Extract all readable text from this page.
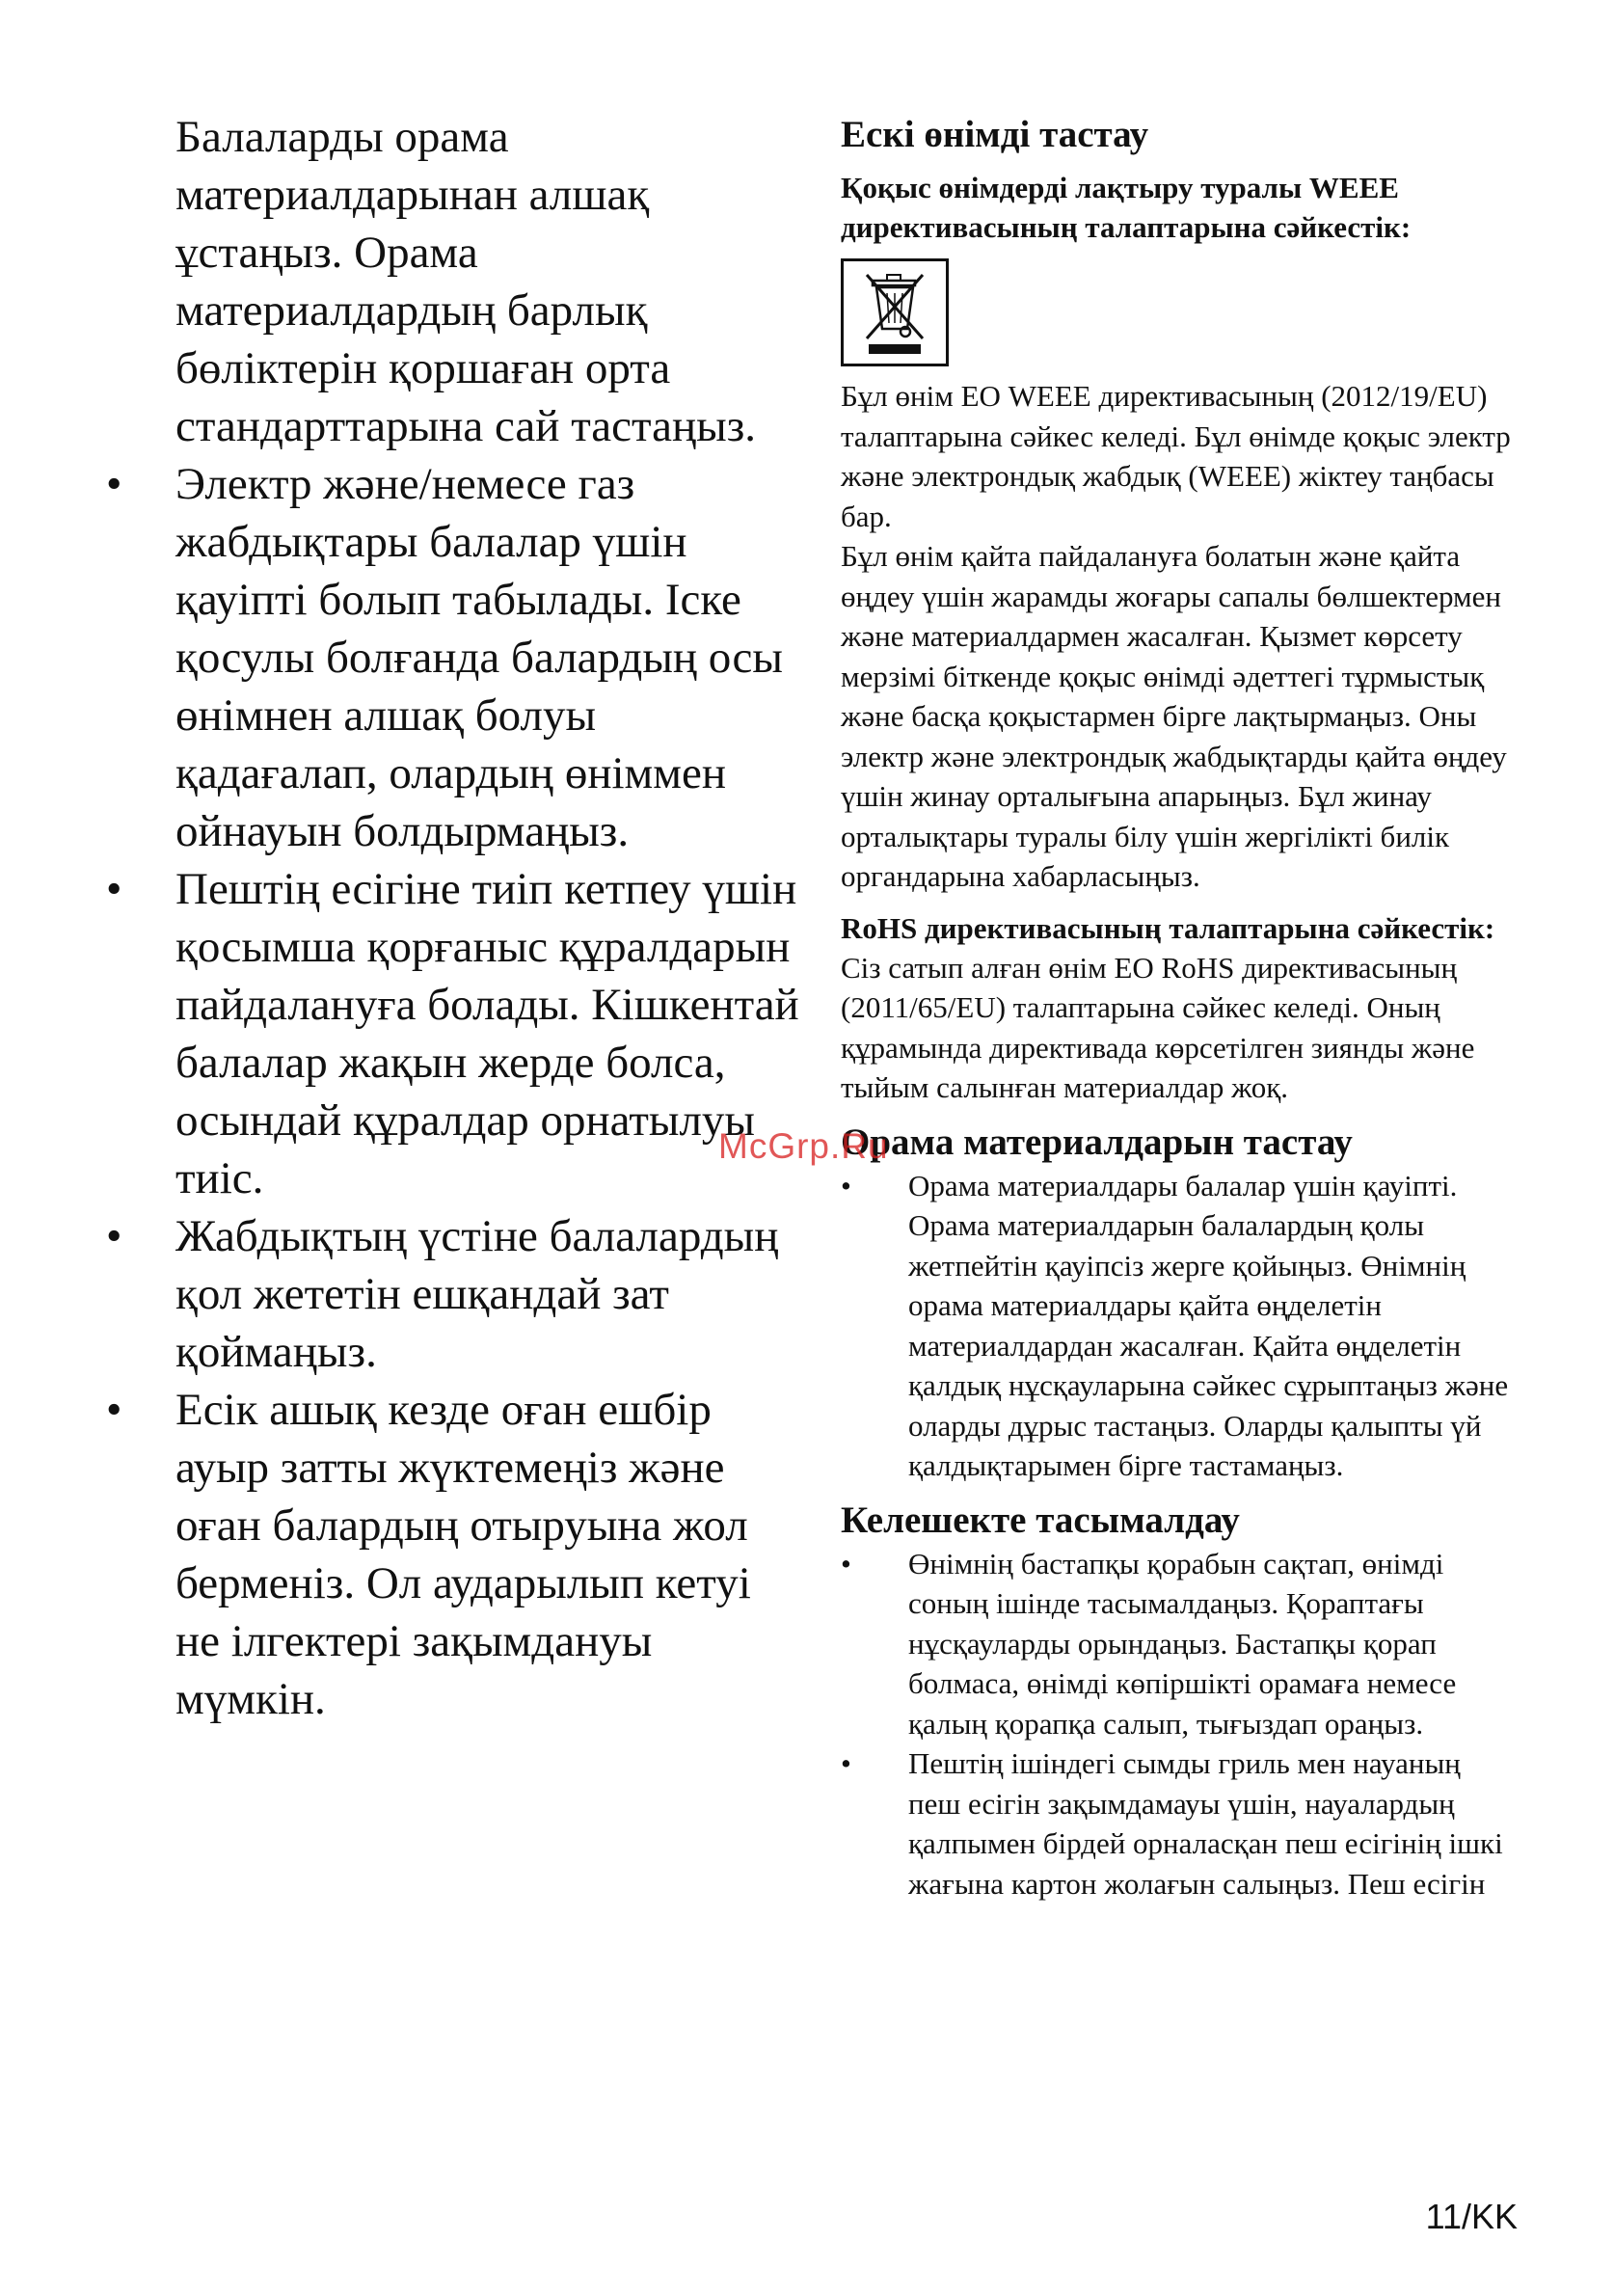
Балаларды орама материалдарынан алшақ ұстаңыз. Орама материалдардың барлық бөліктерін қоршаған орта стандарттарына сай тастаңыз.

•	Электр және/немесе газ жабдықтары балалар үшін қауіпті болып табылады. Іске қосулы болғанда балардың осы өнімнен алшақ болуы қадағалап, олардың өніммен ойнауын болдырмаңыз.
•	Пештің есігіне тиіп кетпеу үшін қосымша қорғаныс құралдарын пайдалануға болады. Кішкентай балалар жақын жерде болса, осындай құралдар орнатылуы тиіс.
•	Жабдықтың үстіне балалардың қол жететін ешқандай зат қоймаңыз.
•	Есік ашық кезде оған ешбір ауыр затты жүктемеңіз және оған балардың отыруына жол берменіз. Ол аударылып кетуі не ілгектері зақымдануы мүмкін.
Ескі өнімді тастау
Қоқыс өнімдерді лақтыру туралы WEEE директивасының талаптарына сәйкестік:

Бұл өнім ЕО WEEE директивасының (2012/19/EU) талаптарына сәйкес келеді. Бұл өнімде қоқыс электр және электрондық жабдық (WEEE) жіктеу таңбасы бар.

Бұл өнім қайта пайдалануға болатын және қайта өңдеу үшін жарамды жоғары сапалы бөлшектермен және материалдармен жасалған. Қызмет көрсету мерзімі біткенде қоқыс өнімді әдеттегі тұрмыстық және басқа қоқыстармен бірге лақтырмаңыз. Оны электр және электрондық жабдықтарды қайта өңдеу үшін жинау орталығына апарыңыз. Бұл жинау орталықтары туралы білу үшін жергілікті билік органдарына хабарласыңыз.

RoHS директивасының талаптарына сәйкестік:

Сіз сатып алған өнім ЕО RoHS директивасының (2011/65/EU) талаптарына сәйкес келеді. Оның құрамында директивада көрсетілген зиянды және тыйым салынған материалдар жоқ.

Орама материалдарын тастау
•	Орама материалдары балалар үшін қауіпті. Орама материалдарын балалардың қолы жетпейтін қауіпсіз жерге қойыңыз. Өнімнің орама материалдары қайта өңделетін материалдардан жасалған. Қайта өңделетін қалдық нұсқауларына сәйкес сұрыптаңыз және оларды дұрыс тастаңыз. Оларды қалыпты үй қалдықтарымен бірге тастамаңыз.
Келешекте тасымалдау
•	Өнімнің бастапқы қорабын сақтап, өнімді соның ішінде тасымалдаңыз. Қораптағы нұсқауларды орындаңыз. Бастапқы қорап болмаса, өнімді көпіршікті орамаға немесе қалың қорапқа салып, тығыздап ораңыз.
•	Пештің ішіндегі сымды гриль мен науаның пеш есігін зақымдамауы үшін, науалардың қалпымен бірдей орналасқан пеш есігінің ішкі жағына картон жолағын салыңыз. Пеш есігін
McGrp.Ru
11/KK
